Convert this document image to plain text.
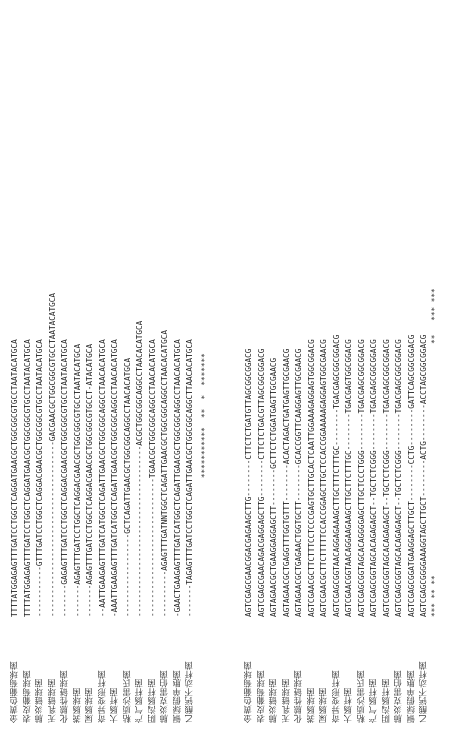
金黄色葡萄球菌
TTTTATGGAGAGTTTGATCCTGGCTCAGGATGAACGCTGGCGGCGTGCCTAATACATGCA
表皮葡萄球菌
TTTTATGGAGAGTTTGATCCTGGCTCAGGATGAACGCTGGCGGCGTGCCTAATACATGCA
肺炎链球菌
-----------GTTTGATCCTGGCTCAGGACGAACGCTGGCGGCGTGCCTAATACATGCA
无乳链球菌
--------------------------------------GACGAACGCTGGCGGCGTGCCTAATACATGCA
化脓性链球菌
-------GAGAGTTTGATCCTGGCTCAGGACGAACGCTGGCGGCGTGCCTAATACATGCA
粪肠球菌
-------AGAGTTTGATCCTGGCTCAGGACGAACGCTGGCGGCGTGCCTAATACATGCA
屎肠球菌
-------AGAGTTTGATCCTGGCTCAGGACGAACGCTGGCGGCGTGCCT-ATACATGCA
奇异变形杆菌
--AATTGAAGAGTTTGATCATGGCTCAGATTGAACGCTGGCGGCAGGCCTAACACATGCA
大肠杆菌
-AAATTGAAGAGTTTGATCATGGCTCAGATTGAACGCTGGCGGCAGGCCTAACACATGCA
粘质沙雷氏菌
------------------GCTCAGATTGAACGCTGGCGGCAGGCCTAACACATGCA
产气肠杆菌
-------------------------------------ACGCTGGCGGCAGGCCTAACACATGCA
阴沟肠杆菌
------------------------------TGAACGCTGGCGGCAGGCCTAACACATGCA
肺炎克雷伯菌
----------AGAGTTTGATNNTGGCTCAGATTGAACGCTGGCGGCAGGCCTAACACATGCA
铜绿假单胞菌
-GAACTGAAGAGTTTGATCATGGCTCAGATTGAACGCTGGCGGCAGGCCTAACACATGCA
乙酸钙不动杆菌
-------TAGAGTTTGATCCTGGCTCAGATTGAACGCTGGCGGCAGGCTTAACACATGCA ***********  **  *  *******
金黄色葡萄球菌
AGTCGAGCGAACGGACGAGAAGCTTG--------CTTCTCTGATGTTAGCGGCGGACG
表皮葡萄球菌
AGTCGAGCGAACAGACGAGGAGCTTG--------CTTCTCTGACGTTAGCGGCGGACG
肺炎链球菌
AGTAGAACGCTGAAGGAGGAGCTT--------GCTTCTCTGGATGAGTTGCGAACG
无乳链球菌
AGTAGAACGCTGAGGTTTGGTGTTT--------ACACTAGACTGATGAGTTGCGAACG
化脓性链球菌
AGTAGAACGCTGAGAACTGGTGCTT--------GCACCGGTTCAAGGAGTTGCGAACG
粪肠球菌
AGTCGAACGCTTCTTTCCTCCCGAGTGCTTGCACTCAATTGGAAAGAGGAGTGGCGGACG
屎肠球菌
AGTCGAACGCTTCTTTTTCCACCGGAGCTTGCTCCACCGGAAAAAGAGGAGTGGCGAACG
奇异变形杆菌
AGTCGAGCGGTAACAGGAGAAAGCTTGCTTTCTTTGC--------TGACGAGCGGCGGACG
大肠杆菌
AGTCGAACGGTAACAGGAAGAAGCTTGCTTCTTTGC--------TGACGAGTGGCGGACG
粘质沙雷氏菌
AGTCGAGCGGTAGCACAGGGGAGCTTGCTCCCTGGG--------TGACGAGCGGCGGACG
产气肠杆菌
AGTCGAGCGGTAGCACAGAGAGCT--TGCTCTCGGG--------TGACGAGCGGCGGACG
阴沟肠杆菌
AGTCGAGCGGTAGCACAGAGAGCT--TGCTCTCGGG--------TGACGAGCGGCGGACG
肺炎克雷伯菌
AGTCGAGCGGTAGCACAGAGAGCT--TGCTCTCGGG--------TGACGAGCGGCGGACG
铜绿假单胞菌
AGTCGAGCGGATGAAGGAGCTTGCT--------CCTG--------GATTCAGCGGCGGACG
乙酸钙不动杆菌
AGTCGAGCGGGGAAAGGTAGCTTGCT--------ACTG--------ACCTAGCGGCGGACG *** ** **                                                  **   *** ***
